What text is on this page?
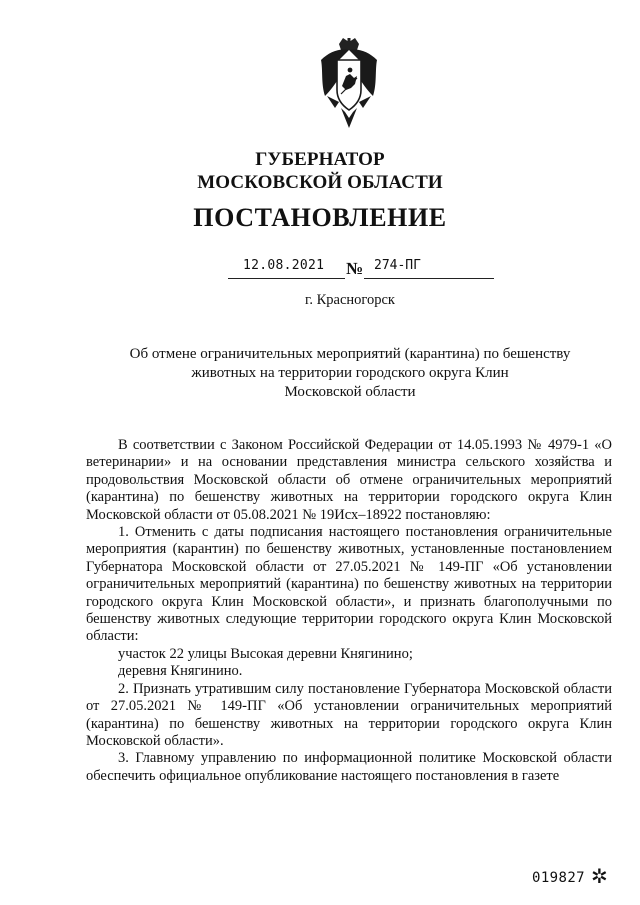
ГУБЕРНАТОР
МОСКОВСКОЙ ОБЛАСТИ
ПОСТАНОВЛЕНИЕ
12.08.2021 № 274-ПГ
г. Красногорск
Об отмене ограничительных мероприятий (карантина) по бешенству
животных на территории городского округа Клин
Московской области

В соответствии с Законом Российской Федерации от 14.05.1993 № 4979-1 «О ветеринарии» и на основании представления министра сельского хозяйства и продовольствия Московской области об отмене ограничительных мероприятий (карантина) по бешенству животных на территории городского округа Клин Московской области от 05.08.2021 № 19Исх–18922 постановляю:

1. Отменить с даты подписания настоящего постановления ограничительные мероприятия (карантин) по бешенству животных, установленные постановлением Губернатора Московской области от 27.05.2021 № 149-ПГ «Об установлении ограничительных мероприятий (карантина) по бешенству животных на территории городского округа Клин Московской области», и признать благополучными по бешенству животных следующие территории городского округа Клин Московской области:

участок 22 улицы Высокая деревни Княгинино;

деревня Княгинино.

2. Признать утратившим силу постановление Губернатора Московской области от 27.05.2021 № 149-ПГ «Об установлении ограничительных мероприятий (карантина) по бешенству животных на территории городского округа Клин Московской области».

3. Главному управлению по информационной политике Московской области обеспечить официальное опубликование настоящего постановления в газете

019827 ✲
